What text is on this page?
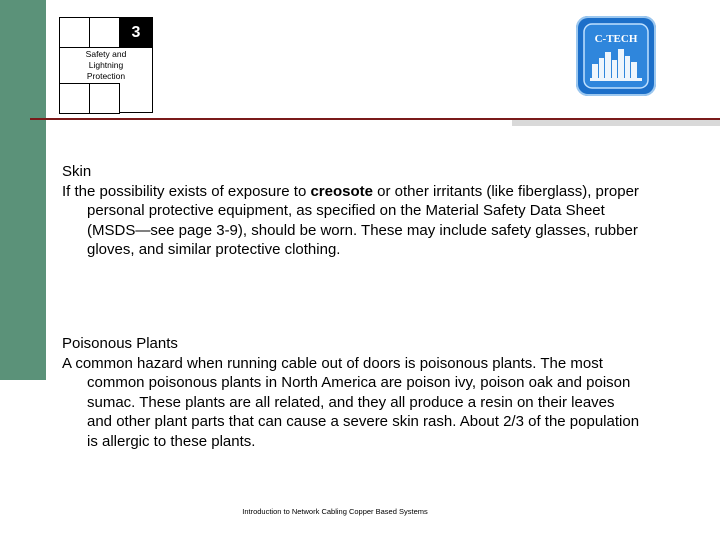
3
Safety and
Lightning
Protection
C-TECH
Skin
If the possibility exists of exposure to creosote or other irritants (like fiberglass), proper personal protective equipment, as specified on the Material Safety Data Sheet (MSDS—see page 3-9), should be worn. These may include safety glasses, rubber gloves, and similar protective clothing.
Poisonous Plants
A common hazard when running cable out of doors is poisonous plants. The most common poisonous plants in North America are poison ivy, poison oak and poison sumac. These plants are all related, and they all produce a resin on their leaves and other plant parts that can cause a severe skin rash. About 2/3 of the population is allergic to these plants.
Introduction to Network Cabling Copper Based Systems
